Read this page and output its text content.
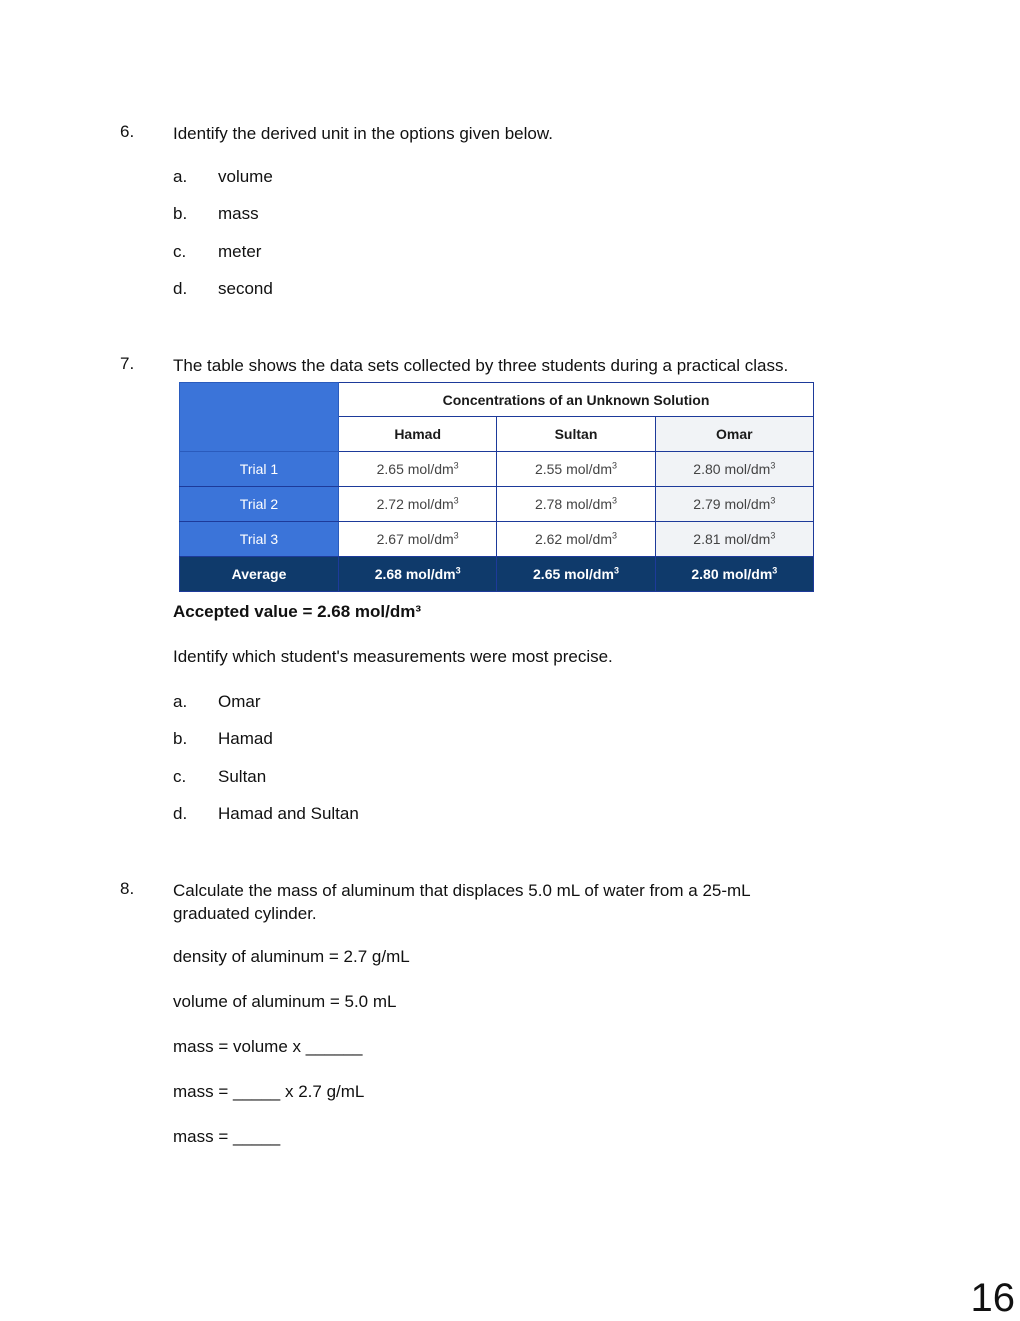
6. Identify the derived unit in the options given below.
a. volume
b. mass
c. meter
d. second
7. The table shows the data sets collected by three students during a practical class.
	Concentrations of an Unknown Solution		
	Hamad	Sultan	Omar
Trial 1	2.65 mol/$dm^3$	2.55 mol/$dm^3$	2.80 mol/$dm^3$
Trial 2	2.72 mol/$dm^3$	2.78 mol/$dm^3$	2.79 mol/$dm^3$
Trial 3	2.67 mol/$dm^3$	2.62 mol/$dm^3$	2.81 mol/$dm^3$
Average	2.68 mol/$dm^3$	2.65 mol/$dm^3$	2.80 mol/$dm^3$
Accepted value = 2.68 mol/dm³
Identify which student's measurements were most precise.
a. Omar
b. Hamad
c. Sultan
d. Hamad and Sultan
8. Calculate the mass of aluminum that displaces 5.0 mL of water from a 25-mL graduated cylinder.
density of aluminum = 2.7 g/mL
volume of aluminum = 5.0 mL
mass = volume x ______
mass = _____ x 2.7 g/mL
mass = _____
16
